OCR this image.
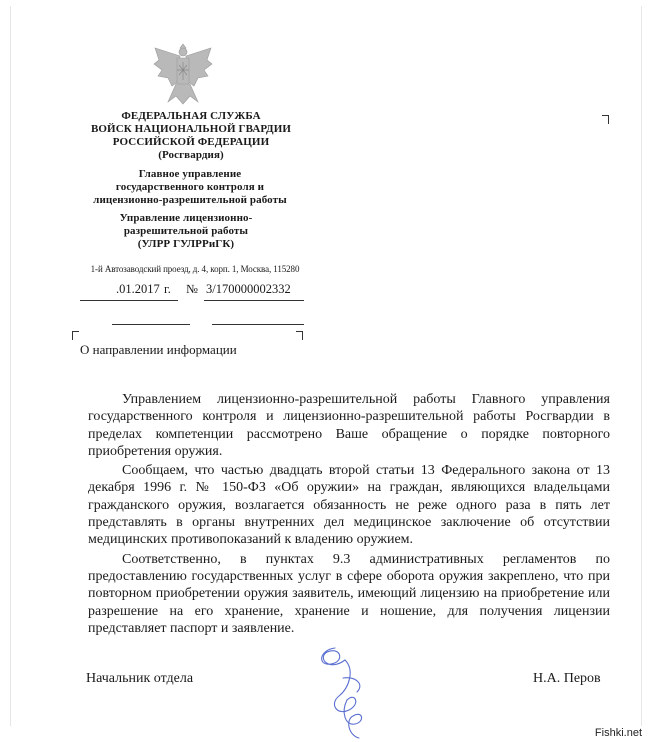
ФЕДЕРАЛЬНАЯ СЛУЖБА
ВОЙСК НАЦИОНАЛЬНОЙ ГВАРДИИ
РОССИЙСКОЙ ФЕДЕРАЦИИ
(Росгвардия)
Главное управление
государственного контроля и
лицензионно-разрешительной работы
Управление лицензионно-
разрешительной работы
(УЛРР ГУЛРРиГК)
1-й Автозаводский проезд, д. 4, корп. 1, Москва, 115280
.01.2017 г. № 3/170000002332
О направлении информации

Управлением лицензионно-разрешительной работы Главного управления государственного контроля и лицензионно-разрешительной работы Росгвардии в пределах компетенции рассмотрено Ваше обращение о порядке повторного приобретения оружия.

Сообщаем, что частью двадцать второй статьи 13 Федерального закона от 13 декабря 1996 г. № 150-ФЗ «Об оружии» на граждан, являющихся владельцами гражданского оружия, возлагается обязанность не реже одного раза в пять лет представлять в органы внутренних дел медицинское заключение об отсутствии медицинских противопоказаний к владению оружием.

Соответственно, в пунктах 9.3 административных регламентов по предоставлению государственных услуг в сфере оборота оружия закреплено, что при повторном приобретении оружия заявитель, имеющий лицензию на приобретение или разрешение на его хранение, хранение и ношение, для получения лицензии представляет паспорт и заявление.

Начальник отдела	Н.А. Перов
Fishki.net
